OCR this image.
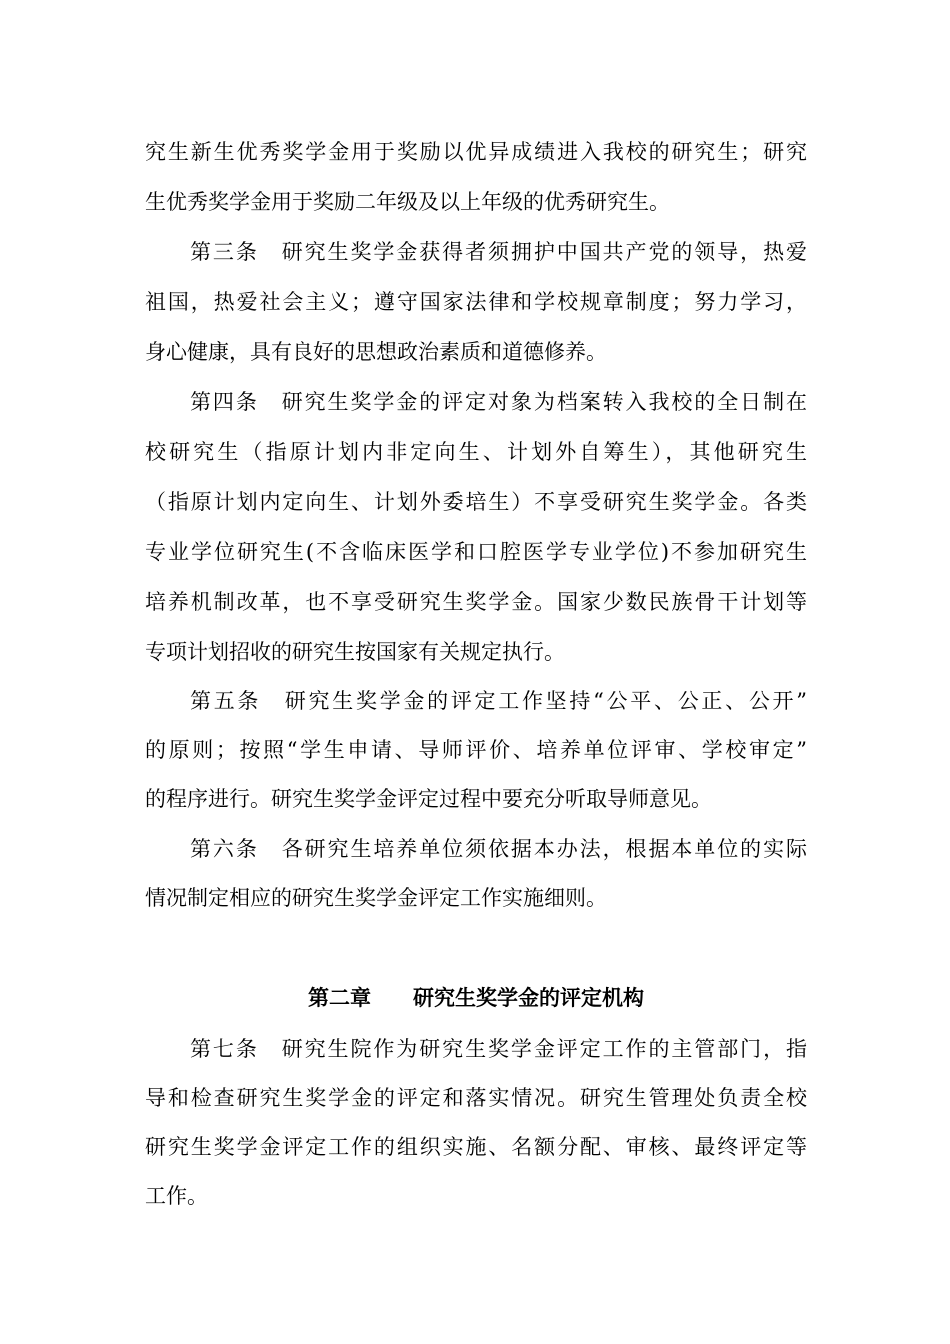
究生新生优秀奖学金用于奖励以优异成绩进入我校的研究生；研究
生优秀奖学金用于奖励二年级及以上年级的优秀研究生。
第三条　研究生奖学金获得者须拥护中国共产党的领导，热爱
祖国，热爱社会主义；遵守国家法律和学校规章制度；努力学习，
身心健康，具有良好的思想政治素质和道德修养。
第四条　研究生奖学金的评定对象为档案转入我校的全日制在
校研究生（指原计划内非定向生、计划外自筹生），其他研究生
（指原计划内定向生、计划外委培生）不享受研究生奖学金。各类
专业学位研究生(不含临床医学和口腔医学专业学位)不参加研究生
培养机制改革，也不享受研究生奖学金。国家少数民族骨干计划等
专项计划招收的研究生按国家有关规定执行。
第五条　研究生奖学金的评定工作坚持“公平、公正、公开”
的原则；按照“学生申请、导师评价、培养单位评审、学校审定”
的程序进行。研究生奖学金评定过程中要充分听取导师意见。
第六条　各研究生培养单位须依据本办法，根据本单位的实际
情况制定相应的研究生奖学金评定工作实施细则。
第二章　　研究生奖学金的评定机构
第七条　研究生院作为研究生奖学金评定工作的主管部门，指
导和检查研究生奖学金的评定和落实情况。研究生管理处负责全校
研究生奖学金评定工作的组织实施、名额分配、审核、最终评定等
工作。
